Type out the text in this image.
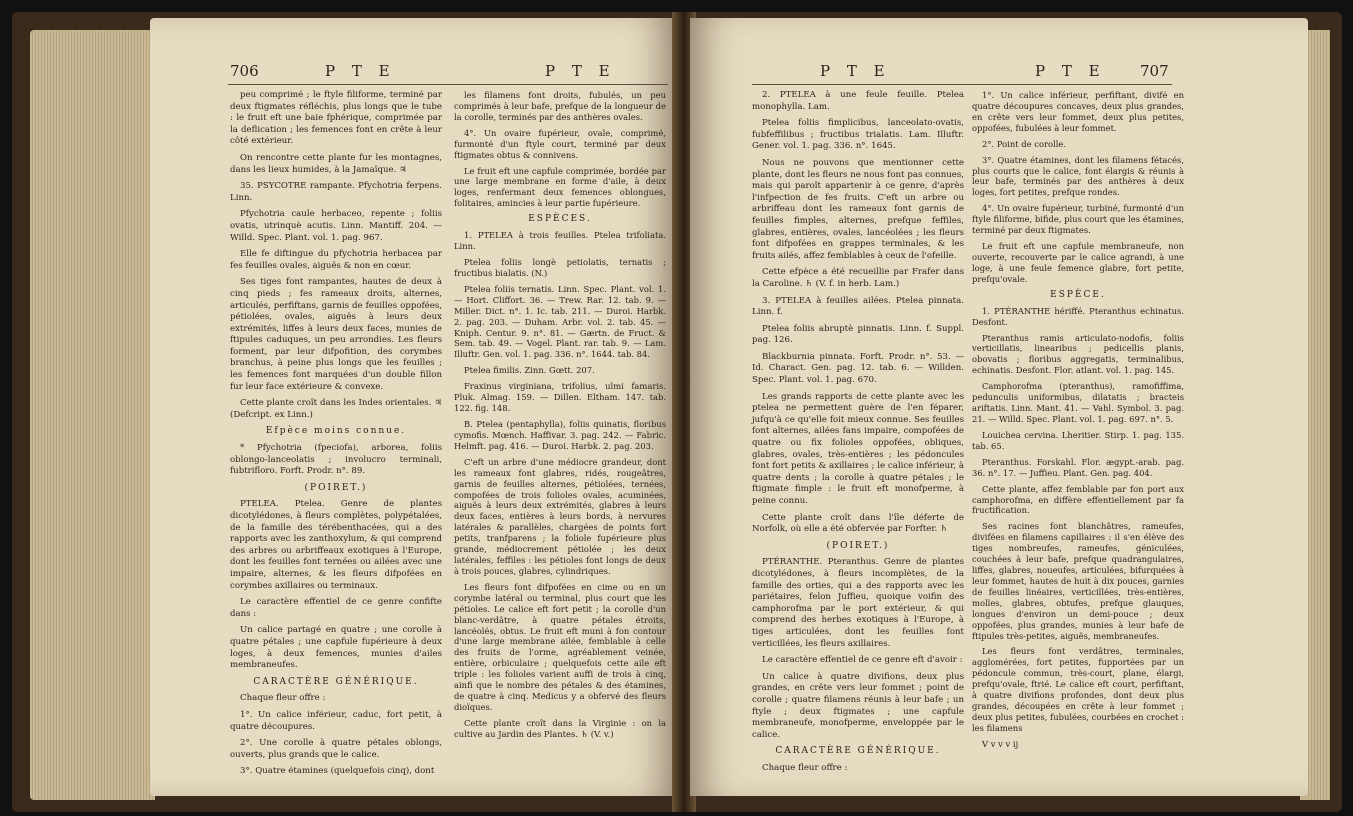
706	P T E	P T E

peu comprimé ; le ftyle filiforme, terminé par deux ftigmates réfléchis, plus longs que le tube : le fruit eft une baie fphérique, comprimée par la deflication ; les femences font en crête à leur côté extérieur.

On rencontre cette plante fur les montagnes, dans les lieux humides, à la Jamaïque. ♃

35. PSYCOTRE rampante. Pfychotria ferpens. Linn.

Pfychotria caule herbaceo, repente ; foliis ovatis, utrinquè acutis. Linn. Mantiff. 204. — Willd. Spec. Plant. vol. 1. pag. 967.

Elle fe diftingue du pfychotria herbacea par fes feuilles ovales, aiguës & non en cœur.

Ses tiges font rampantes, hautes de deux à cinq pieds ; fes rameaux droits, alternes, articulés, perfiftans, garnis de feuilles oppofées, pétiolées, ovales, aiguës à leurs deux extrémités, liffes à leurs deux faces, munies de ftipules caduques, un peu arrondies. Les fleurs forment, par leur difpofition, des corymbes branchus, à peine plus longs que les feuilles ; les femences font marquées d'un double fillon fur leur face extérieure & convexe.

Cette plante croît dans les Indes orientales. ♃ (Defcript. ex Linn.)

Efpèce moins connue.

* Pfychotria (fpeciofa), arborea, foliis oblongo-lanceolatis ; involucro terminali, fubtrifloro. Forft. Prodr. n°. 89.

(POIRET.)

PTELEA. Ptelea. Genre de plantes dicotylédones, à fleurs complètes, polypétalées, de la famille des térébenthacées, qui a des rapports avec les zanthoxylum, & qui comprend des arbres ou arbriffeaux exotiques à l'Europe, dont les feuilles font ternées ou ailées avec une impaire, alternes, & les fleurs difpofées en corymbes axillaires ou terminaux.

Le caractère effentiel de ce genre confifte dans :

Un calice partagé en quatre ; une corolle à quatre pétales ; une capfule fupérieure à deux loges, à deux femences, munies d'ailes membraneufes.

CARACTÈRE GÉNÉRIQUE.

Chaque fleur offre :

1°. Un calice inférieur, caduc, fort petit, à quatre découpures.

2°. Une corolle à quatre pétales oblongs, ouverts, plus grands que le calice.

3°. Quatre étamines (quelquefois cinq), dont

les filamens font droits, fubulés, un peu comprimés à leur bafe, prefque de la longueur de la corolle, terminés par des anthères ovales.

4°. Un ovaire fupérieur, ovale, comprimé, furmonté d'un ftyle court, terminé par deux ftigmates obtus & connivens.

Le fruit eft une capfule comprimée, bordée par une large membrane en forme d'aile, à deux loges, renfermant deux femences oblongues, folitaires, amincies à leur partie fupérieure.

ESPÈCES.

1. PTELEA à trois feuilles. Ptelea trifoliata. Linn.

Ptelea foliis longè petiolatis, ternatis ; fructibus bialatis. (N.)

Ptelea foliis ternatis. Linn. Spec. Plant. vol. 1. — Hort. Cliffort. 36. — Trew. Rar. 12. tab. 9. — Miller. Dict. n°. 1. Ic. tab. 211. — Duroi. Harbk. 2. pag. 203. — Duham. Arbr. vol. 2. tab. 45. — Kniph. Centur. 9. n°. 81. — Gærtn. de Fruct. & Sem. tab. 49. — Vogel. Plant. rar. tab. 9. — Lam. Illuftr. Gen. vol. 1. pag. 336. n°. 1644. tab. 84.

Ptelea fimilis. Zinn. Gœtt. 207.

Fraxinus virginiana, trifolius, ulmi famaris. Pluk. Almag. 159. — Dillen. Eltham. 147. tab. 122. fig. 148.

B. Ptelea (pentaphylla), foliis quinatis, floribus cymofis. Mœnch. Haffivar. 3. pag. 242. — Fabric. Helmft. pag. 416. — Duroi. Harbk. 2. pag. 203.

C'eft un arbre d'une médiocre grandeur, dont les rameaux font glabres, ridés, rougeâtres, garnis de feuilles alternes, pétiolées, ternées, compofées de trois folioles ovales, acuminées, aiguës à leurs deux extrémités, glabres à leurs deux faces, entières à leurs bords, à nervures latérales & parallèles, chargées de points fort petits, tranfparens ; la foliole fupérieure plus grande, médiocrement pétiolée ; les deux latérales, feffiles : les pétioles font longs de deux à trois pouces, glabres, cylindriques.

Les fleurs font difpofées en cime ou en un corymbe latéral ou terminal, plus court que les pétioles. Le calice eft fort petit ; la corolle d'un blanc-verdâtre, à quatre pétales étroits, lancéolés, obtus. Le fruit eft muni à fon contour d'une large membrane ailée, femblable à celle des fruits de l'orme, agréablement veinée, entière, orbiculaire ; quelquefois cette aile eft triple : les folioles varient auffi de trois à cinq, ainfi que le nombre des pétales & des étamines, de quatre à cinq. Medicus y a obfervé des fleurs dioïques.

Cette plante croît dans la Virginie : on la cultive au Jardin des Plantes. ♄ (V. v.)

P T E	P T E 707

2. PTELEA à une feule feuille. Ptelea monophylla. Lam.

Ptelea foliis fimplicibus, lanceolato-ovatis, fubfeffilibus ; fructibus trialatis. Lam. Illuftr. Gener. vol. 1. pag. 336. n°. 1645.

Nous ne pouvons que mentionner cette plante, dont les fleurs ne nous font pas connues, mais qui paroît appartenir à ce genre, d'après l'infpection de fes fruits. C'eft un arbre ou arbriffeau dont les rameaux font garnis de feuilles fimples, alternes, prefque feffiles, glabres, entières, ovales, lancéolées ; les fleurs font difpofées en grappes terminales, & les fruits ailés, affez femblables à ceux de l'ofeille.

Cette efpèce a été recueillie par Frafer dans la Caroline. ♄ (V. f. in herb. Lam.)

3. PTELEA à feuilles ailées. Ptelea pinnata. Linn. f.

Ptelea foliis abruptè pinnatis. Linn. f. Suppl. pag. 126.

Blackburnia pinnata. Forft. Prodr. n°. 53. — Id. Charact. Gen. pag. 12. tab. 6. — Willden. Spec. Plant. vol. 1. pag. 670.

Les grands rapports de cette plante avec les ptelea ne permettent guère de l'en féparer, jufqu'à ce qu'elle foit mieux connue. Ses feuilles font alternes, ailées fans impaire, compofées de quatre ou fix folioles oppofées, obliques, glabres, ovales, très-entières ; les pédoncules font fort petits & axillaires ; le calice inférieur, à quatre dents ; la corolle à quatre pétales ; le ftigmate fimple : le fruit eft monofperme, à peine connu.

Cette plante croît dans l'île déferte de Norfolk, où elle a été obfervée par Forfter. ♄

(POIRET.)

PTÉRANTHE. Pteranthus. Genre de plantes dicotylédones, à fleurs incomplètes, de la famille des orties, qui a des rapports avec les pariétaires, felon Juffieu, quoique voifin des camphorofma par le port extérieur, & qui comprend des herbes exotiques à l'Europe, à tiges articulées, dont les feuilles font verticillées, les fleurs axillaires.

Le caractère effentiel de ce genre eft d'avoir :

Un calice à quatre divifions, deux plus grandes, en crête vers leur fommet ; point de corolle ; quatre filamens réunis à leur bafe ; un ftyle ; deux ftigmates ; une capfule membraneufe, monofperme, enveloppée par le calice.

CARACTÈRE GÉNÉRIQUE.

Chaque fleur offre :

1°. Un calice inférieur, perfiftant, divifé en quatre découpures concaves, deux plus grandes, en crête vers leur fommet, deux plus petites, oppofées, fubulées à leur fommet.

2°. Point de corolle.

3°. Quatre étamines, dont les filamens fétacés, plus courts que le calice, font élargis & réunis à leur bafe, terminés par des anthères à deux loges, fort petites, prefque rondes.

4°. Un ovaire fupérieur, turbiné, furmonté d'un ftyle filiforme, bifide, plus court que les étamines, terminé par deux ftigmates.

Le fruit eft une capfule membraneufe, non ouverte, recouverte par le calice agrandi, à une loge, à une feule femence glabre, fort petite, prefqu'ovale.

ESPÈCE.

1. PTÉRANTHE hériffé. Pteranthus echinatus. Desfont.

Pteranthus ramis articulato-nodofis, foliis verticillatis, linearibus ; pedicellis planis, obovatis ; floribus aggregatis, terminalibus, echinatis. Desfont. Flor. atlant. vol. 1. pag. 145.

Camphorofma (pteranthus), ramofiffima, pedunculis uniformibus, dilatatis ; bracteis ariftatis. Linn. Mant. 41. — Vahl. Symbol. 3. pag. 21. — Willd. Spec. Plant. vol. 1. pag. 697. n°. 5.

Louichea cervina. Lheritier. Stirp. 1. pag. 135. tab. 65.

Pteranthus. Forskahl. Flor. ægypt.-arab. pag. 36. n°. 17. — Juffieu. Plant. Gen. pag. 404.

Cette plante, affez femblable par fon port aux camphorofma, en diffère effentiellement par fa fructification.

Ses racines font blanchâtres, rameufes, divifées en filamens capillaires : il s'en élève des tiges nombreufes, rameufes, géniculées, couchées à leur bafe, prefque quadrangulaires, liffes, glabres, noueufes, articulées, bifurquées à leur fommet, hautes de huit à dix pouces, garnies de feuilles linéaires, verticillées, très-entières, molles, glabres, obtufes, prefque glauques, longues d'environ un demi-pouce ; deux oppofées, plus grandes, munies à leur bafe de ftipules très-petites, aiguës, membraneufes.

Les fleurs font verdâtres, terminales, agglomérées, fort petites, fupportées par un pédoncule commun, très-court, plane, élargi, prefqu'ovale, ftrié. Le calice eft court, perfiftant, à quatre divifions profondes, dont deux plus grandes, découpées en crête à leur fommet ; deux plus petites, fubulées, courbées en crochet : les filamens

V v v v ij
